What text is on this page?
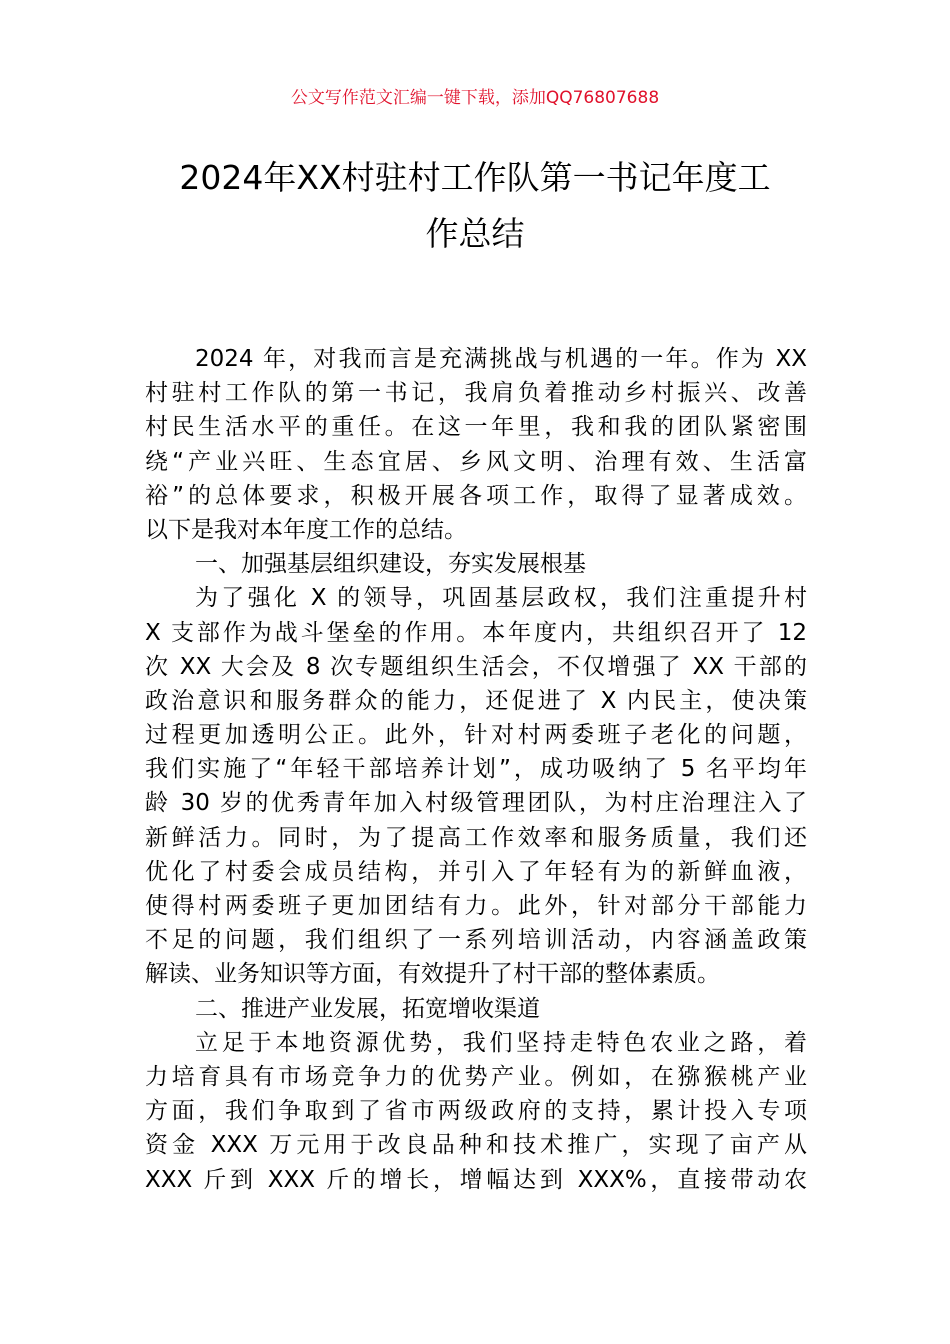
公文写作范文汇编一键下载，添加QQ76807688
2024年XX村驻村工作队第一书记年度工
作总结
2024 年，对我而言是充满挑战与机遇的一年。作为 XX
村驻村工作队的第一书记，我肩负着推动乡村振兴、改善
村民生活水平的重任。在这一年里，我和我的团队紧密围
绕“产业兴旺、生态宜居、乡风文明、治理有效、生活富
裕”的总体要求，积极开展各项工作，取得了显著成效。
以下是我对本年度工作的总结。
一、加强基层组织建设，夯实发展根基
为了强化 X 的领导，巩固基层政权，我们注重提升村
X 支部作为战斗堡垒的作用。本年度内，共组织召开了 12
次 XX 大会及 8 次专题组织生活会，不仅增强了 XX 干部的
政治意识和服务群众的能力，还促进了 X 内民主，使决策
过程更加透明公正。此外，针对村两委班子老化的问题，
我们实施了“年轻干部培养计划”，成功吸纳了 5 名平均年
龄 30 岁的优秀青年加入村级管理团队，为村庄治理注入了
新鲜活力。同时，为了提高工作效率和服务质量，我们还
优化了村委会成员结构，并引入了年轻有为的新鲜血液，
使得村两委班子更加团结有力。此外，针对部分干部能力
不足的问题，我们组织了一系列培训活动，内容涵盖政策
解读、业务知识等方面，有效提升了村干部的整体素质。
二、推进产业发展，拓宽增收渠道
立足于本地资源优势，我们坚持走特色农业之路，着
力培育具有市场竞争力的优势产业。例如，在猕猴桃产业
方面，我们争取到了省市两级政府的支持，累计投入专项
资金 XXX 万元用于改良品种和技术推广，实现了亩产从
XXX 斤到 XXX 斤的增长，增幅达到 XXX%，直接带动农
